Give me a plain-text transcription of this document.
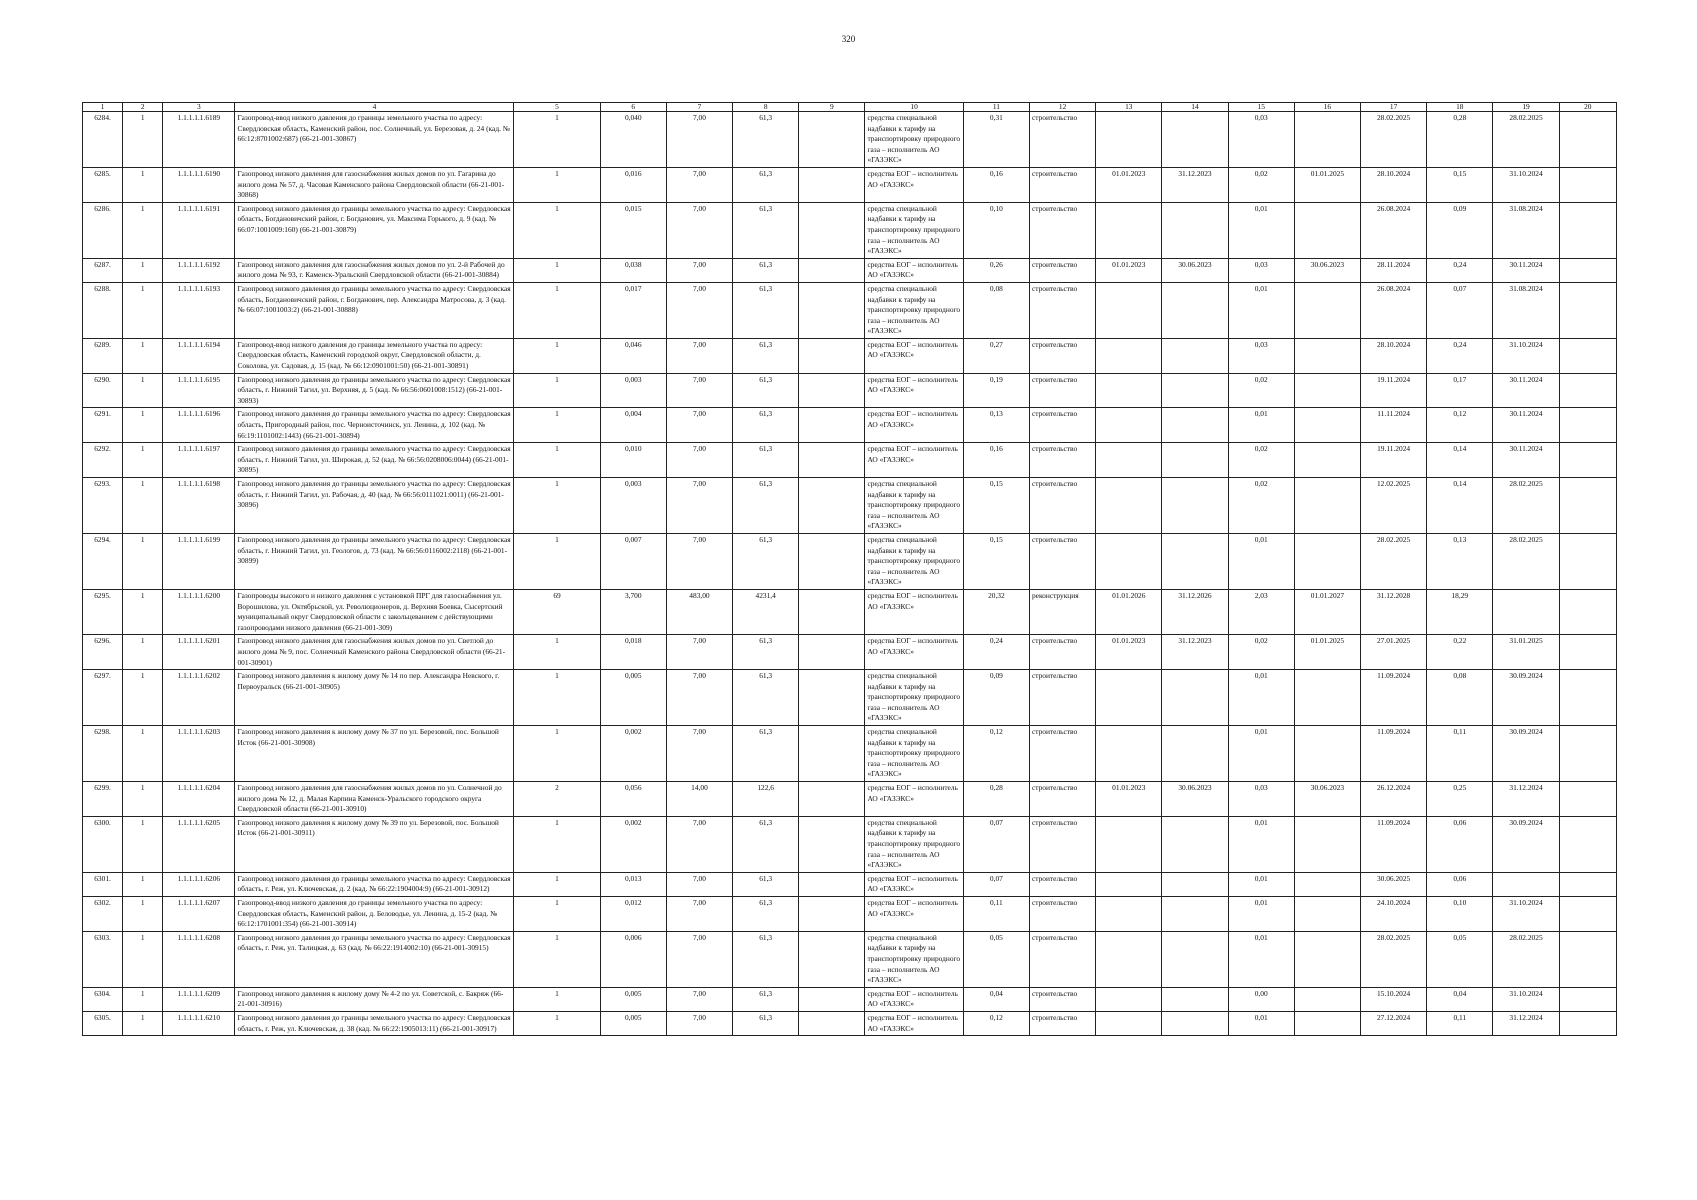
320
1	2	3	4	5	6	7	8	9	10	11	12	13	14	15	16	17	18	19	20
6284.	1	1.1.1.1.1.6189	Газопровод-ввод низкого давления до границы земельного участка по адресу: Свердловская область, Каменский район, пос. Солнечный, ул. Березовая, д. 24 (кад. № 66:12:8701002:687) (66-21-001-30867)	1	0,040	7,00	61,3		средства специальной надбавки к тарифу на транспортировку природного газа – исполнитель АО «ГАЗЭКС»	0,31	строительство			0,03		28.02.2025	0,28	28.02.2025	
6285.	1	1.1.1.1.1.6190	Газопровод низкого давления для газоснабжения жилых домов по ул. Гагарина до жилого дома № 57, д. Часовая Каменского района Свердловской области (66-21-001-30868)	1	0,016	7,00	61,3		средства ЕОГ – исполнитель АО «ГАЗЭКС»	0,16	строительство	01.01.2023	31.12.2023	0,02	01.01.2025	28.10.2024	0,15	31.10.2024	
6286.	1	1.1.1.1.1.6191	Газопровод низкого давления до границы земельного участка по адресу: Свердловская область, Богдановичский район, г. Богданович, ул. Максима Горького, д. 9 (кад. № 66:07:1001009:160) (66-21-001-30879)	1	0,015	7,00	61,3		средства специальной надбавки к тарифу на транспортировку природного газа – исполнитель АО «ГАЗЭКС»	0,10	строительство			0,01		26.08.2024	0,09	31.08.2024	
6287.	1	1.1.1.1.1.6192	Газопровод низкого давления для газоснабжения жилых домов по ул. 2-й Рабочей до жилого дома № 93, г. Каменск-Уральский Свердловской области (66-21-001-30884)	1	0,038	7,00	61,3		средства ЕОГ – исполнитель АО «ГАЗЭКС»	0,26	строительство	01.01.2023	30.06.2023	0,03	30.06.2023	28.11.2024	0,24	30.11.2024	
6288.	1	1.1.1.1.1.6193	Газопровод низкого давления до границы земельного участка по адресу: Свердловская область, Богдановичский район, г. Богданович, пер. Александра Матросова, д. 3 (кад. № 66:07:1001003:2) (66-21-001-30888)	1	0,017	7,00	61,3		средства специальной надбавки к тарифу на транспортировку природного газа – исполнитель АО «ГАЗЭКС»	0,08	строительство			0,01		26.08.2024	0,07	31.08.2024	
6289.	1	1.1.1.1.1.6194	Газопровод-ввод низкого давления до границы земельного участка по адресу: Свердловская область, Каменский городской округ, Свердловской области, д. Соколова, ул. Садовая, д. 15 (кад. № 66:12:0901001:50) (66-21-001-30891)	1	0,046	7,00	61,3		средства ЕОГ – исполнитель АО «ГАЗЭКС»	0,27	строительство			0,03		28.10.2024	0,24	31.10.2024	
6290.	1	1.1.1.1.1.6195	Газопровод низкого давления до границы земельного участка по адресу: Свердловская область, г. Нижний Тагил, ул. Верхняя, д. 5 (кад. № 66:56:0601008:1512) (66-21-001-30893)	1	0,003	7,00	61,3		средства ЕОГ – исполнитель АО «ГАЗЭКС»	0,19	строительство			0,02		19.11.2024	0,17	30.11.2024	
6291.	1	1.1.1.1.1.6196	Газопровод низкого давления до границы земельного участка по адресу: Свердловская область, Пригородный район, пос. Черноисточинск, ул. Ленина, д. 102 (кад. № 66:19:1101002:1443) (66-21-001-30894)	1	0,004	7,00	61,3		средства ЕОГ – исполнитель АО «ГАЗЭКС»	0,13	строительство			0,01		11.11.2024	0,12	30.11.2024	
6292.	1	1.1.1.1.1.6197	Газопровод низкого давления до границы земельного участка по адресу: Свердловская область, г. Нижний Тагил, ул. Широкая, д. 52 (кад. № 66:56:0208006:0044) (66-21-001-30895)	1	0,010	7,00	61,3		средства ЕОГ – исполнитель АО «ГАЗЭКС»	0,16	строительство			0,02		19.11.2024	0,14	30.11.2024	
6293.	1	1.1.1.1.1.6198	Газопровод низкого давления до границы земельного участка по адресу: Свердловская область, г. Нижний Тагил, ул. Рабочая, д. 40 (кад. № 66:56:0111021:0011) (66-21-001-30896)	1	0,003	7,00	61,3		средства специальной надбавки к тарифу на транспортировку природного газа – исполнитель АО «ГАЗЭКС»	0,15	строительство			0,02		12.02.2025	0,14	28.02.2025	
6294.	1	1.1.1.1.1.6199	Газопровод низкого давления до границы земельного участка по адресу: Свердловская область, г. Нижний Тагил, ул. Геологов, д. 73 (кад. № 66:56:0116002:2118) (66-21-001-30899)	1	0,007	7,00	61,3		средства специальной надбавки к тарифу на транспортировку природного газа – исполнитель АО «ГАЗЭКС»	0,15	строительство			0,01		28.02.2025	0,13	28.02.2025	
6295.	1	1.1.1.1.1.6200	Газопроводы высокого и низкого давления с установкой ПРГ для газоснабжения ул. Ворошилова, ул. Октябрьской, ул. Революционеров, д. Верхняя Боевка, Сысертский муниципальный округ Свердловской области с закольцеванием с действующими газопроводами низкого давления (66-21-001-309)	69	3,700	483,00	4231,4		средства ЕОГ – исполнитель АО «ГАЗЭКС»	20,32	реконструкция	01.01.2026	31.12.2026	2,03	01.01.2027	31.12.2028	18,29		
6296.	1	1.1.1.1.1.6201	Газопровод низкого давления для газоснабжения жилых домов по ул. Светлой до жилого дома № 9, пос. Солнечный Каменского района Свердловской области (66-21-001-30901)	1	0,018	7,00	61,3		средства ЕОГ – исполнитель АО «ГАЗЭКС»	0,24	строительство	01.01.2023	31.12.2023	0,02	01.01.2025	27.01.2025	0,22	31.01.2025	
6297.	1	1.1.1.1.1.6202	Газопровод низкого давления к жилому дому № 14 по пер. Александра Невского, г. Первоуральск (66-21-001-30905)	1	0,005	7,00	61,3		средства специальной надбавки к тарифу на транспортировку природного газа – исполнитель АО «ГАЗЭКС»	0,09	строительство			0,01		11.09.2024	0,08	30.09.2024	
6298.	1	1.1.1.1.1.6203	Газопровод низкого давления к жилому дому № 37 по ул. Березовой, пос. Большой Исток (66-21-001-30908)	1	0,002	7,00	61,3		средства специальной надбавки к тарифу на транспортировку природного газа – исполнитель АО «ГАЗЭКС»	0,12	строительство			0,01		11.09.2024	0,11	30.09.2024	
6299.	1	1.1.1.1.1.6204	Газопровод низкого давления для газоснабжения жилых домов по ул. Солнечной до жилого дома № 12, д. Малая Карпина Каменск-Уральского городского округа Свердловской области (66-21-001-30910)	2	0,056	14,00	122,6		средства ЕОГ – исполнитель АО «ГАЗЭКС»	0,28	строительство	01.01.2023	30.06.2023	0,03	30.06.2023	26.12.2024	0,25	31.12.2024	
6300.	1	1.1.1.1.1.6205	Газопровод низкого давления к жилому дому № 39 по ул. Березовой, пос. Большой Исток (66-21-001-30911)	1	0,002	7,00	61,3		средства специальной надбавки к тарифу на транспортировку природного газа – исполнитель АО «ГАЗЭКС»	0,07	строительство			0,01		11.09.2024	0,06	30.09.2024	
6301.	1	1.1.1.1.1.6206	Газопровод низкого давления до границы земельного участка по адресу: Свердловская область, г. Реж, ул. Ключевская, д. 2 (кад. № 66:22:1904004:9) (66-21-001-30912)	1	0,013	7,00	61,3		средства ЕОГ – исполнитель АО «ГАЗЭКС»	0,07	строительство			0,01		30.06.2025	0,06		
6302.	1	1.1.1.1.1.6207	Газопровод-ввод низкого давления до границы земельного участка по адресу: Свердловская область, Каменский район, д. Беловодье, ул. Ленина, д. 15-2 (кад. № 66:12:1701001:354) (66-21-001-30914)	1	0,012	7,00	61,3		средства ЕОГ – исполнитель АО «ГАЗЭКС»	0,11	строительство			0,01		24.10.2024	0,10	31.10.2024	
6303.	1	1.1.1.1.1.6208	Газопровод низкого давления до границы земельного участка по адресу: Свердловская область, г. Реж, ул. Талицкая, д. 63 (кад. № 66:22:1914002:10) (66-21-001-30915)	1	0,006	7,00	61,3		средства специальной надбавки к тарифу на транспортировку природного газа – исполнитель АО «ГАЗЭКС»	0,05	строительство			0,01		28.02.2025	0,05	28.02.2025	
6304.	1	1.1.1.1.1.6209	Газопровод низкого давления к жилому дому № 4-2 по ул. Советской, с. Бакряж (66-21-001-30916)	1	0,005	7,00	61,3		средства ЕОГ – исполнитель АО «ГАЗЭКС»	0,04	строительство			0,00		15.10.2024	0,04	31.10.2024	
6305.	1	1.1.1.1.1.6210	Газопровод низкого давления до границы земельного участка по адресу: Свердловская область, г. Реж, ул. Ключевская, д. 38 (кад. № 66:22:1905013:11) (66-21-001-30917)	1	0,005	7,00	61,3		средства ЕОГ – исполнитель АО «ГАЗЭКС»	0,12	строительство			0,01		27.12.2024	0,11	31.12.2024	
